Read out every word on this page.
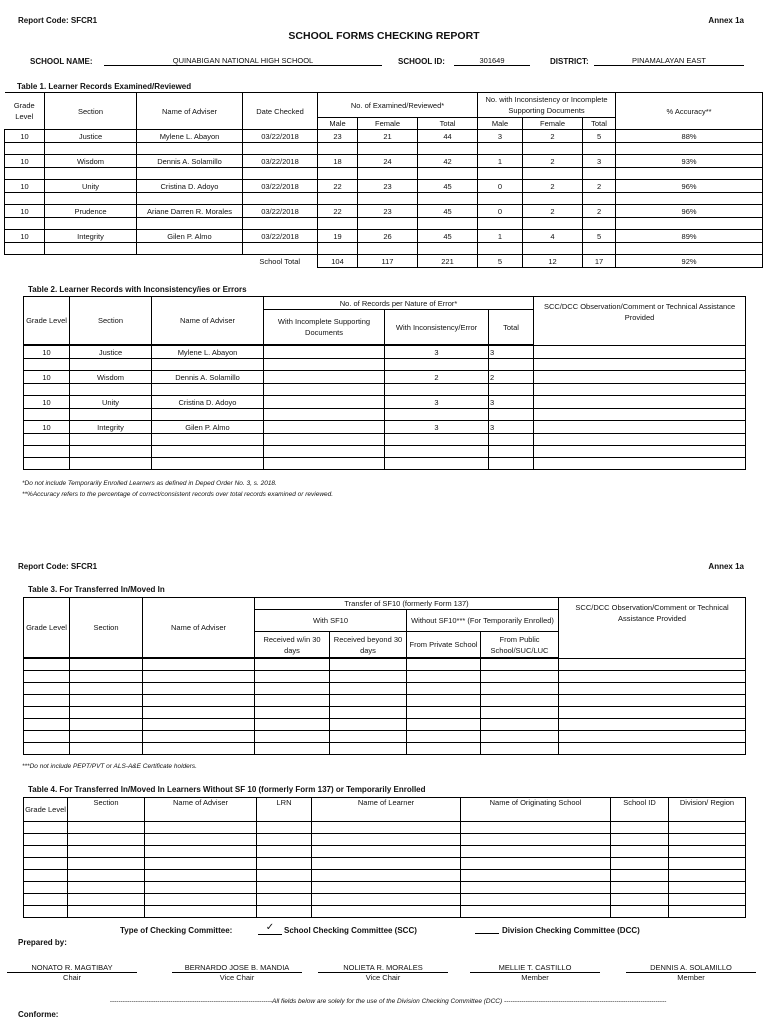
Report Code: SFCR1	Annex 1a
SCHOOL FORMS CHECKING REPORT
SCHOOL NAME:	QUINABIGAN NATIONAL HIGH SCHOOL	SCHOOL ID:	301649	DISTRICT:	PINAMALAYAN EAST
Table 1. Learner Records Examined/Reviewed
Grade Level	Section	Name of Adviser	Date Checked	No. of Examined/Reviewed*			No. with Inconsistency or Incomplete Supporting Documents			% Accuracy**
				Male	Female	Total	Male	Female	Total	
10	Justice	Mylene L. Abayon	03/22/2018	23	21	44	3	2	5	88%

10	Wisdom	Dennis A. Solamillo	03/22/2018	18	24	42	1	2	3	93%

10	Unity	Cristina D. Adoyo	03/22/2018	22	23	45	0	2	2	96%

10	Prudence	Ariane Darren R. Morales	03/22/2018	22	23	45	0	2	2	96%

10	Integrity	Gilen P. Almo	03/22/2018	19	26	45	1	4	5	89%

			School Total	104	117	221	5	12	17	92%
Table 2. Learner Records with Inconsistency/ies or Errors
Grade Level	Section	Name of Adviser	No. of Records per Nature of Error*			SCC/DCC Observation/Comment or Technical Assistance Provided
			With Incomplete Supporting Documents	With Inconsistency/Error	Total	

10	Justice	Mylene L. Abayon		3	3	

10	Wisdom	Dennis A. Solamillo		2	2	

10	Unity	Cristina D. Adoyo		3	3	

10	Integrity	Gilen P. Almo		3	3	

*Do not include Temporarily Enrolled Learners as defined in Deped Order No. 3, s. 2018.
**%Accuracy refers to the percentage of correct/consistent records over total records examined or reviewed.
Report Code: SFCR1	Annex 1a
Table 3. For Transferred In/Moved In
Grade Level	Section	Name of Adviser	Transfer of SF10 (formerly Form 137)				SCC/DCC Observation/Comment or Technical Assistance Provided
			With SF10		Without SF10*** (For Temporarily Enrolled)		
			Received w/in 30 days	Received beyond 30 days	From Private School	From Public School/SUC/LUC	

***Do not include PEPT/PVT or ALS-A&E Certificate holders.
Table 4. For Transferred In/Moved In Learners Without SF 10 (formerly Form 137) or Temporarily Enrolled
Grade Level	Section	Name of Adviser	LRN	Name of Learner	Name of Originating School	School ID	Division/ Region

Type of Checking Committee:	✓	School Checking Committee (SCC)	Division Checking Committee (DCC)
Prepared by:
NONATO R. MAGTIBAY
Chair
BERNARDO JOSE B. MANDIA
Vice Chair
NOLIETA R. MORALES
Vice Chair
MELLIE T. CASTILLO
Member
DENNIS A. SOLAMILLO
Member
---------------------------------------------------------------------------All fields below are solely for the use of the Division Checking Committee (DCC) ---------------------------------------------------------------------------
Conforme:
